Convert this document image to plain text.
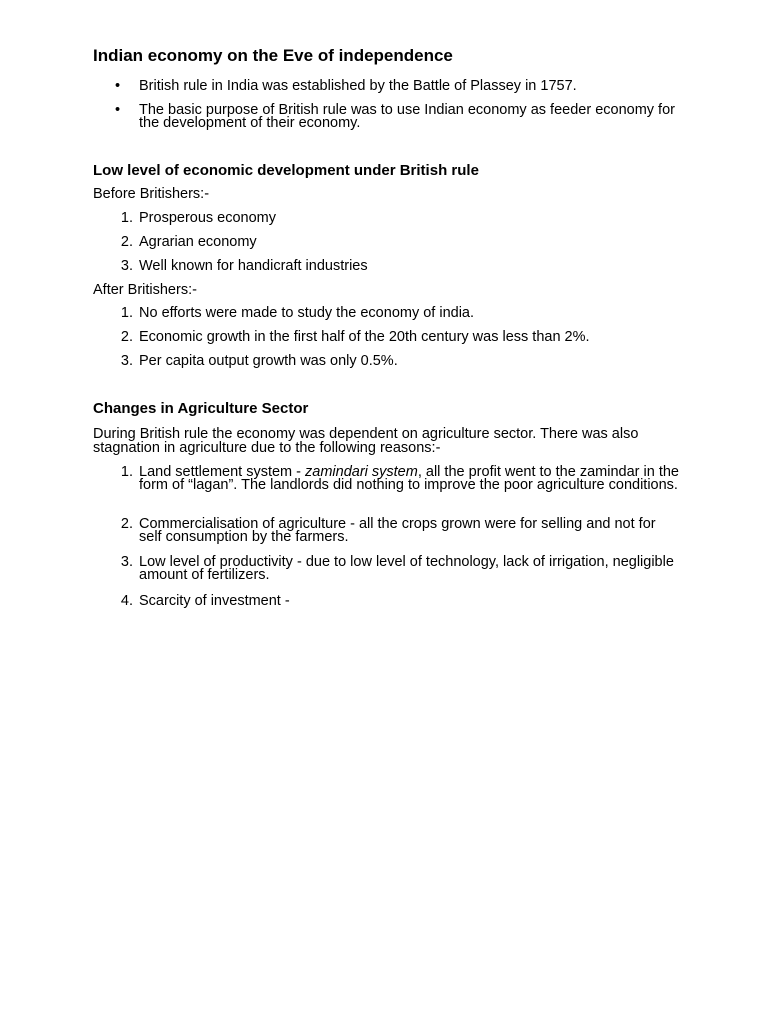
Indian economy on the Eve of independence
• British rule in India was established by the Battle of Plassey in 1757.
• The basic purpose of British rule was to use Indian economy as feeder economy for the development of their economy.
Low level of economic development under British rule

Before Britishers:-

1. Prosperous economy
2. Agrarian economy
3. Well known for handicraft industries

After Britishers:-

1. No efforts were made to study the economy of india.
2. Economic growth in the first half of the 20th century was less than 2%.
3. Per capita output growth was only 0.5%.
Changes in Agriculture Sector

During British rule the economy was dependent on agriculture sector. There was also stagnation in agriculture due to the following reasons:-

1. Land settlement system - zamindari system, all the profit went to the zamindar in the form of “lagan”. The landlords did nothing to improve the poor agriculture conditions.
2. Commercialisation of agriculture - all the crops grown were for selling and not for self consumption by the farmers.
3. Low level of productivity - due to low level of technology, lack of irrigation, negligible amount of fertilizers.
4. Scarcity of investment -
